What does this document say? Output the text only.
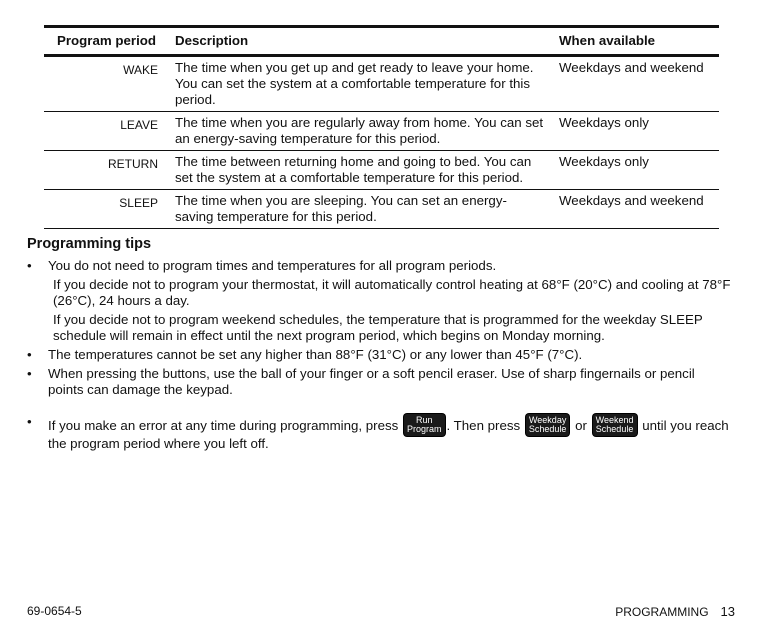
Program period	Description	When available
WAKE	The time when you get up and get ready to leave your home. You can set the system at a comfortable temperature for this period.	Weekdays and weekend
LEAVE	The time when you are regularly away from home. You can set an energy-saving temperature for this period.	Weekdays only
RETURN	The time between returning home and going to bed. You can set the system at a comfortable temperature for this period.	Weekdays only
SLEEP	The time when you are sleeping. You can set an energy-saving temperature for this period.	Weekdays and weekend
Programming tips
• You do not need to program times and temperatures for all program periods.
If you decide not to program your thermostat, it will automatically control heating at 68°F (20°C) and cooling at 78°F (26°C), 24 hours a day.
If you decide not to program weekend schedules, the temperature that is programmed for the weekday SLEEP schedule will remain in effect until the next program period, which begins on Monday morning.
• The temperatures cannot be set any higher than 88°F (31°C) or any lower than 45°F (7°C).
• When pressing the buttons, use the ball of your finger or a soft pencil eraser. Use of sharp fingernails or pencil points can damage the keypad.
• If you make an error at any time during programming, press	Run
Program . Then press Weekday
Schedule or Weekend
Schedule until you reach the program period where you left off.
69-0654-5	PROGRAMMING 13
